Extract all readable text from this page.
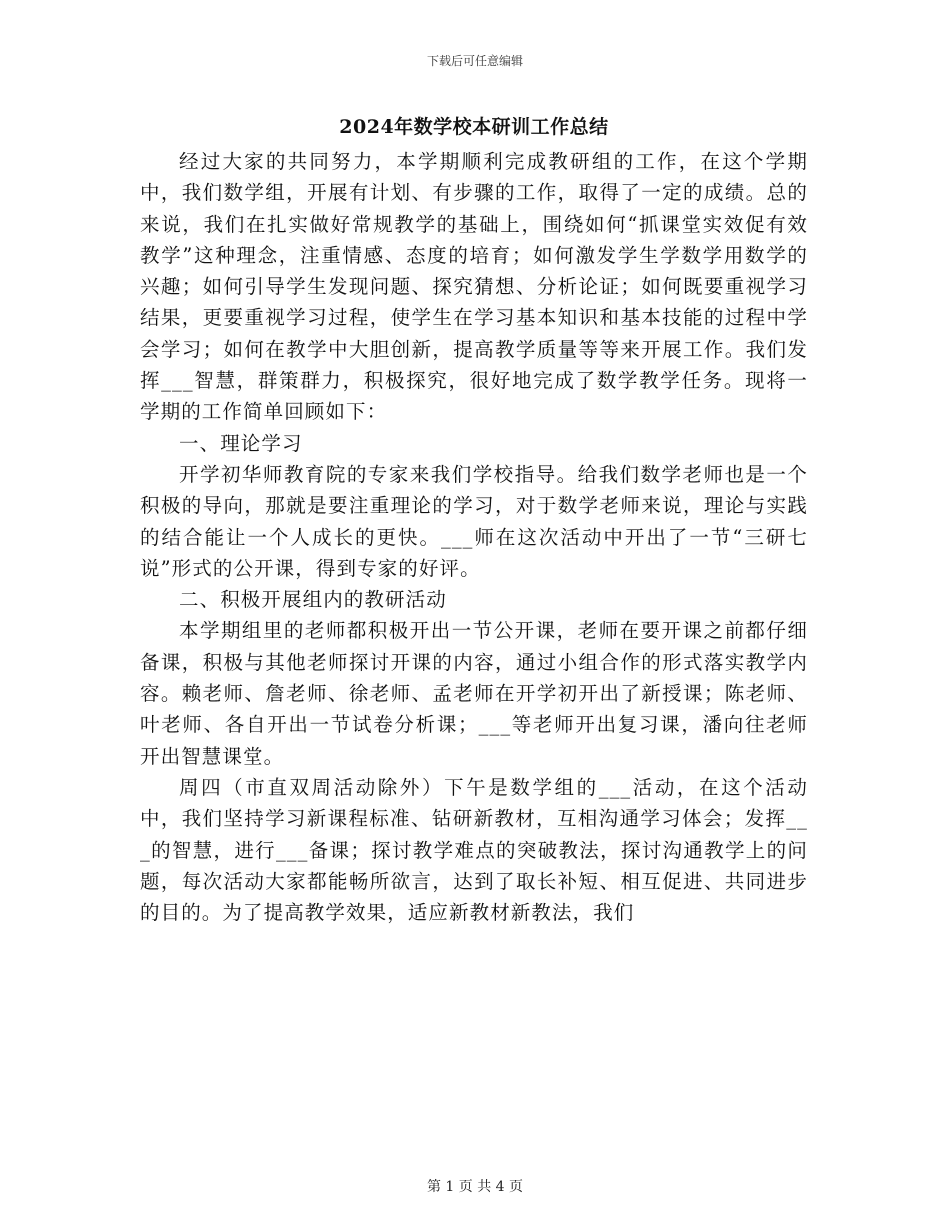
下载后可任意编辑
2024年数学校本研训工作总结

经过大家的共同努力，本学期顺利完成教研组的工作，在这个学期中，我们数学组，开展有计划、有步骤的工作，取得了一定的成绩。总的来说，我们在扎实做好常规教学的基础上，围绕如何“抓课堂实效促有效教学”这种理念，注重情感、态度的培育；如何激发学生学数学用数学的兴趣；如何引导学生发现问题、探究猜想、分析论证；如何既要重视学习结果，更要重视学习过程，使学生在学习基本知识和基本技能的过程中学会学习；如何在教学中大胆创新，提高教学质量等等来开展工作。我们发挥___智慧，群策群力，积极探究，很好地完成了数学教学任务。现将一学期的工作简单回顾如下：

一、理论学习

开学初华师教育院的专家来我们学校指导。给我们数学老师也是一个积极的导向，那就是要注重理论的学习，对于数学老师来说，理论与实践的结合能让一个人成长的更快。___师在这次活动中开出了一节“三研七说”形式的公开课，得到专家的好评。

二、积极开展组内的教研活动

本学期组里的老师都积极开出一节公开课，老师在要开课之前都仔细备课，积极与其他老师探讨开课的内容，通过小组合作的形式落实教学内容。赖老师、詹老师、徐老师、孟老师在开学初开出了新授课；陈老师、叶老师、各自开出一节试卷分析课；___等老师开出复习课，潘向往老师开出智慧课堂。

周四（市直双周活动除外）下午是数学组的___活动，在这个活动中，我们坚持学习新课程标准、钻研新教材，互相沟通学习体会；发挥___的智慧，进行___备课；探讨教学难点的突破教法，探讨沟通教学上的问题，每次活动大家都能畅所欲言，达到了取长补短、相互促进、共同进步的目的。为了提高教学效果，适应新教材新教法，我们

第 1 页 共 4 页
